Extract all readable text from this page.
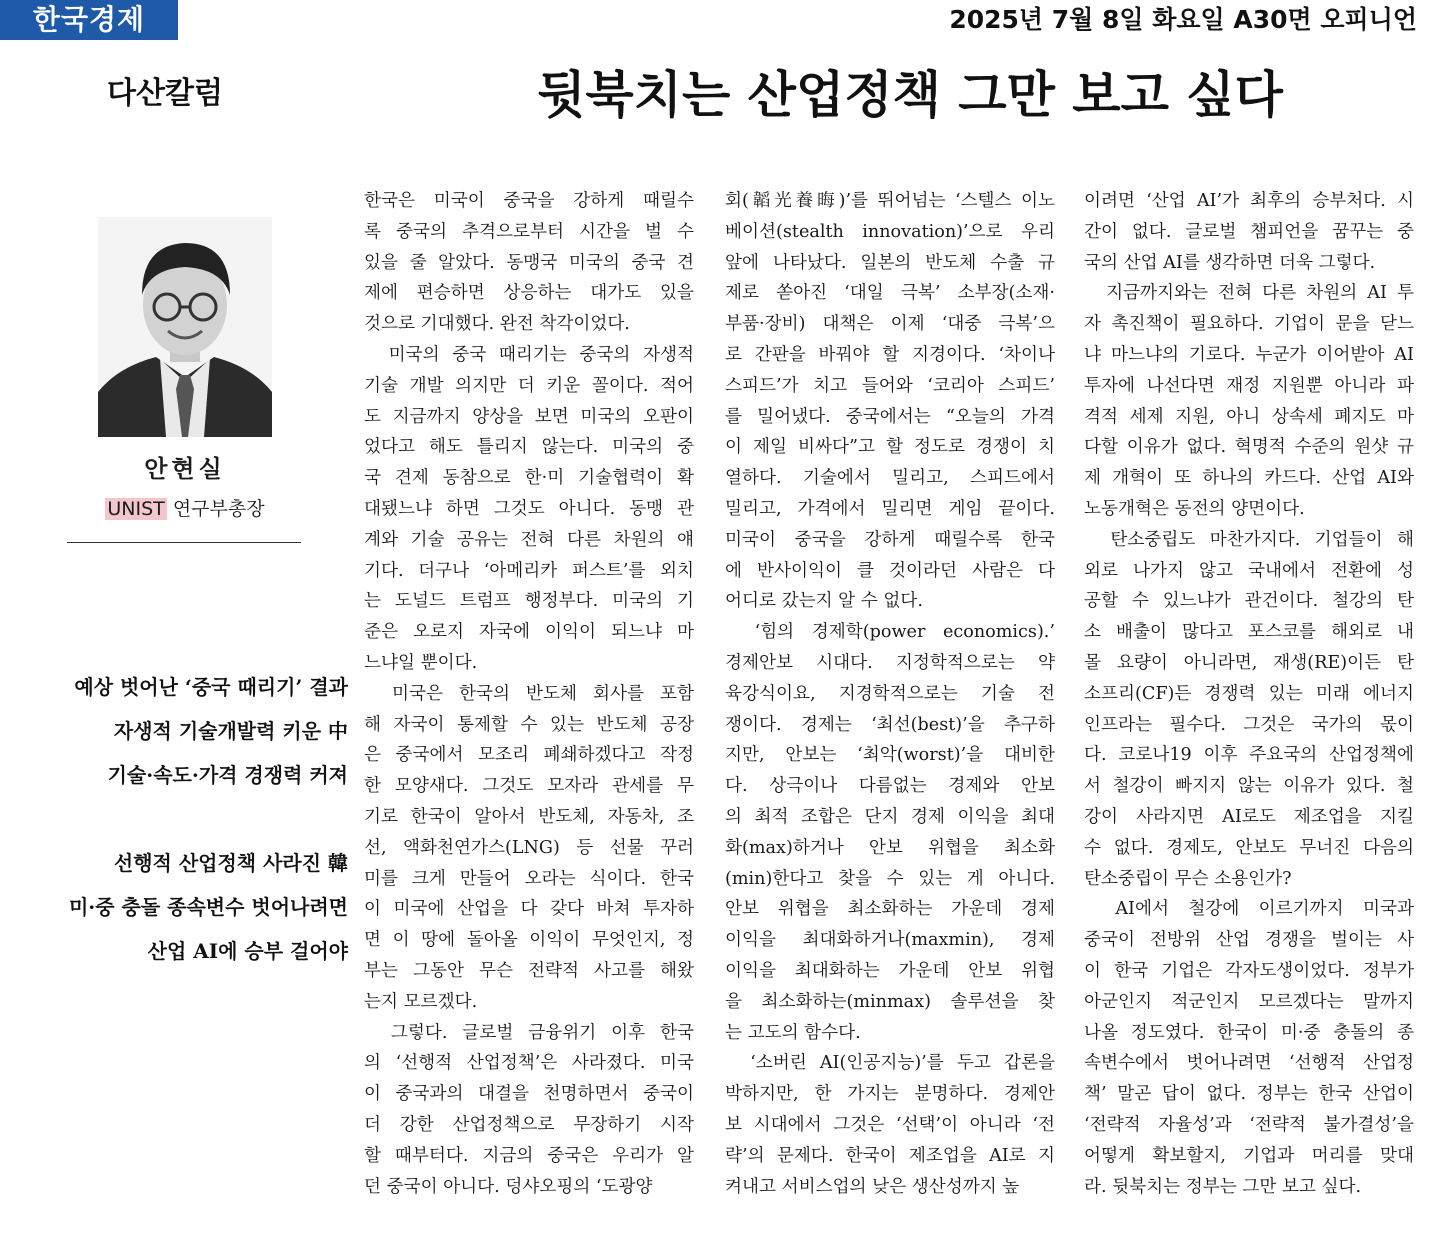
한국경제	2025년 7월 8일 화요일 A30면 오피니언
다산칼럼	뒷북치는 산업정책 그만 보고 싶다
안현실
UNIST 연구부총장
예상 벗어난 ‘중국 때리기’ 결과
자생적 기술개발력 키운 中
기술·속도·가격 경쟁력 커져
선행적 산업정책 사라진 韓
미·중 충돌 종속변수 벗어나려면
산업 AI에 승부 걸어야
한국은 미국이 중국을 강하게 때릴수
록 중국의 추격으로부터 시간을 벌 수
있을 줄 알았다. 동맹국 미국의 중국 견
제에 편승하면 상응하는 대가도 있을
것으로 기대했다. 완전 착각이었다.
　미국의 중국 때리기는 중국의 자생적
기술 개발 의지만 더 키운 꼴이다. 적어
도 지금까지 양상을 보면 미국의 오판이
었다고 해도 틀리지 않는다. 미국의 중
국 견제 동참으로 한·미 기술협력이 확
대됐느냐 하면 그것도 아니다. 동맹 관
계와 기술 공유는 전혀 다른 차원의 얘
기다. 더구나 ‘아메리카 퍼스트’를 외치
는 도널드 트럼프 행정부다. 미국의 기
준은 오로지 자국에 이익이 되느냐 마
느냐일 뿐이다.
　미국은 한국의 반도체 회사를 포함
해 자국이 통제할 수 있는 반도체 공장
은 중국에서 모조리 폐쇄하겠다고 작정
한 모양새다. 그것도 모자라 관세를 무
기로 한국이 알아서 반도체, 자동차, 조
선, 액화천연가스(LNG) 등 선물 꾸러
미를 크게 만들어 오라는 식이다. 한국
이 미국에 산업을 다 갖다 바쳐 투자하
면 이 땅에 돌아올 이익이 무엇인지, 정
부는 그동안 무슨 전략적 사고를 해왔
는지 모르겠다.
　그렇다. 글로벌 금융위기 이후 한국
의 ‘선행적 산업정책’은 사라졌다. 미국
이 중국과의 대결을 천명하면서 중국이
더 강한 산업정책으로 무장하기 시작
할 때부터다. 지금의 중국은 우리가 알
던 중국이 아니다. 덩샤오핑의 ‘도광양
회(韜光養晦)’를 뛰어넘는 ‘스텔스 이노
베이션(stealth innovation)’으로 우리
앞에 나타났다. 일본의 반도체 수출 규
제로 쏟아진 ‘대일 극복’ 소부장(소재·
부품·장비) 대책은 이제 ‘대중 극복’으
로 간판을 바꿔야 할 지경이다. ‘차이나
스피드’가 치고 들어와 ‘코리아 스피드’
를 밀어냈다. 중국에서는 “오늘의 가격
이 제일 비싸다”고 할 정도로 경쟁이 치
열하다. 기술에서 밀리고, 스피드에서
밀리고, 가격에서 밀리면 게임 끝이다.
미국이 중국을 강하게 때릴수록 한국
에 반사이익이 클 것이라던 사람은 다
어디로 갔는지 알 수 없다.
　‘힘의 경제학(power economics).’
경제안보 시대다. 지정학적으로는 약
육강식이요, 지경학적으로는 기술 전
쟁이다. 경제는 ‘최선(best)’을 추구하
지만, 안보는 ‘최악(worst)’을 대비한
다. 상극이나 다름없는 경제와 안보
의 최적 조합은 단지 경제 이익을 최대
화(max)하거나 안보 위협을 최소화
(min)한다고 찾을 수 있는 게 아니다.
안보 위협을 최소화하는 가운데 경제
이익을 최대화하거나(maxmin), 경제
이익을 최대화하는 가운데 안보 위협
을 최소화하는(minmax) 솔루션을 찾
는 고도의 함수다.
　‘소버린 AI(인공지능)’를 두고 갑론을
박하지만, 한 가지는 분명하다. 경제안
보 시대에서 그것은 ‘선택’이 아니라 ‘전
략’의 문제다. 한국이 제조업을 AI로 지
켜내고 서비스업의 낮은 생산성까지 높
이려면 ‘산업 AI’가 최후의 승부처다. 시
간이 없다. 글로벌 챔피언을 꿈꾸는 중
국의 산업 AI를 생각하면 더욱 그렇다.
　지금까지와는 전혀 다른 차원의 AI 투
자 촉진책이 필요하다. 기업이 문을 닫느
냐 마느냐의 기로다. 누군가 이어받아 AI
투자에 나선다면 재정 지원뿐 아니라 파
격적 세제 지원, 아니 상속세 폐지도 마
다할 이유가 없다. 혁명적 수준의 원샷 규
제 개혁이 또 하나의 카드다. 산업 AI와
노동개혁은 동전의 양면이다.
　탄소중립도 마찬가지다. 기업들이 해
외로 나가지 않고 국내에서 전환에 성
공할 수 있느냐가 관건이다. 철강의 탄
소 배출이 많다고 포스코를 해외로 내
몰 요량이 아니라면, 재생(RE)이든 탄
소프리(CF)든 경쟁력 있는 미래 에너지
인프라는 필수다. 그것은 국가의 몫이
다. 코로나19 이후 주요국의 산업정책에
서 철강이 빠지지 않는 이유가 있다. 철
강이 사라지면 AI로도 제조업을 지킬
수 없다. 경제도, 안보도 무너진 다음의
탄소중립이 무슨 소용인가?
　AI에서 철강에 이르기까지 미국과
중국이 전방위 산업 경쟁을 벌이는 사
이 한국 기업은 각자도생이었다. 정부가
아군인지 적군인지 모르겠다는 말까지
나올 정도였다. 한국이 미·중 충돌의 종
속변수에서 벗어나려면 ‘선행적 산업정
책’ 말곤 답이 없다. 정부는 한국 산업이
‘전략적 자율성’과 ‘전략적 불가결성’을
어떻게 확보할지, 기업과 머리를 맞대
라. 뒷북치는 정부는 그만 보고 싶다.
